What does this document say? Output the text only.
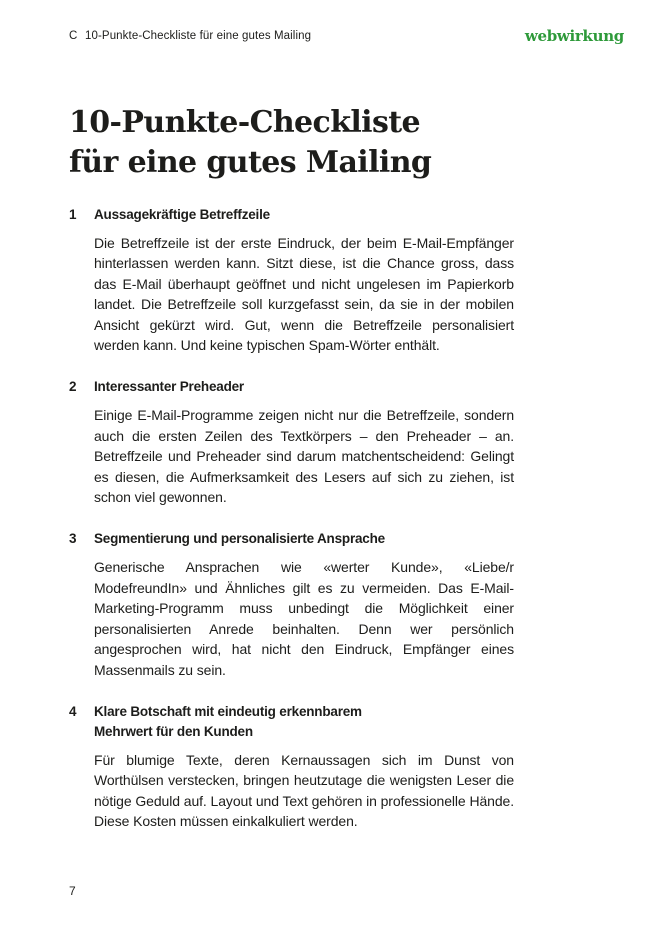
C 10-Punkte-Checkliste für eine gutes Mailing	webwirkung
10-Punkte-Checkliste
für eine gutes Mailing
1 Aussagekräftige Betreffzeile

Die Betreffzeile ist der erste Eindruck, der beim E-Mail-Empfänger hinterlassen werden kann. Sitzt diese, ist die Chance gross, dass das E-Mail überhaupt geöffnet und nicht ungelesen im Papierkorb landet. Die Betreffzeile soll kurzgefasst sein, da sie in der mobilen Ansicht gekürzt wird. Gut, wenn die Betreffzeile personalisiert werden kann. Und keine typischen Spam-Wörter enthält.

2 Interessanter Preheader

Einige E-Mail-Programme zeigen nicht nur die Betreffzeile, sondern auch die ersten Zeilen des Textkörpers – den Preheader – an. Betreffzeile und Preheader sind darum matchentscheidend: Gelingt es diesen, die Aufmerksamkeit des Lesers auf sich zu ziehen, ist schon viel gewonnen.

3 Segmentierung und personalisierte Ansprache

Generische Ansprachen wie «werter Kunde», «Liebe/r ModefreundIn» und Ähnliches gilt es zu vermeiden. Das E-Mail-Marketing-Programm muss unbedingt die Möglichkeit einer personalisierten Anrede beinhalten. Denn wer persönlich angesprochen wird, hat nicht den Eindruck, Empfänger eines Massenmails zu sein.

4 Klare Botschaft mit eindeutig erkennbarem
Mehrwert für den Kunden

Für blumige Texte, deren Kernaussagen sich im Dunst von Worthülsen verstecken, bringen heutzutage die wenigsten Leser die nötige Geduld auf. Layout und Text gehören in professionelle Hände. Diese Kosten müssen einkalkuliert werden.

7
